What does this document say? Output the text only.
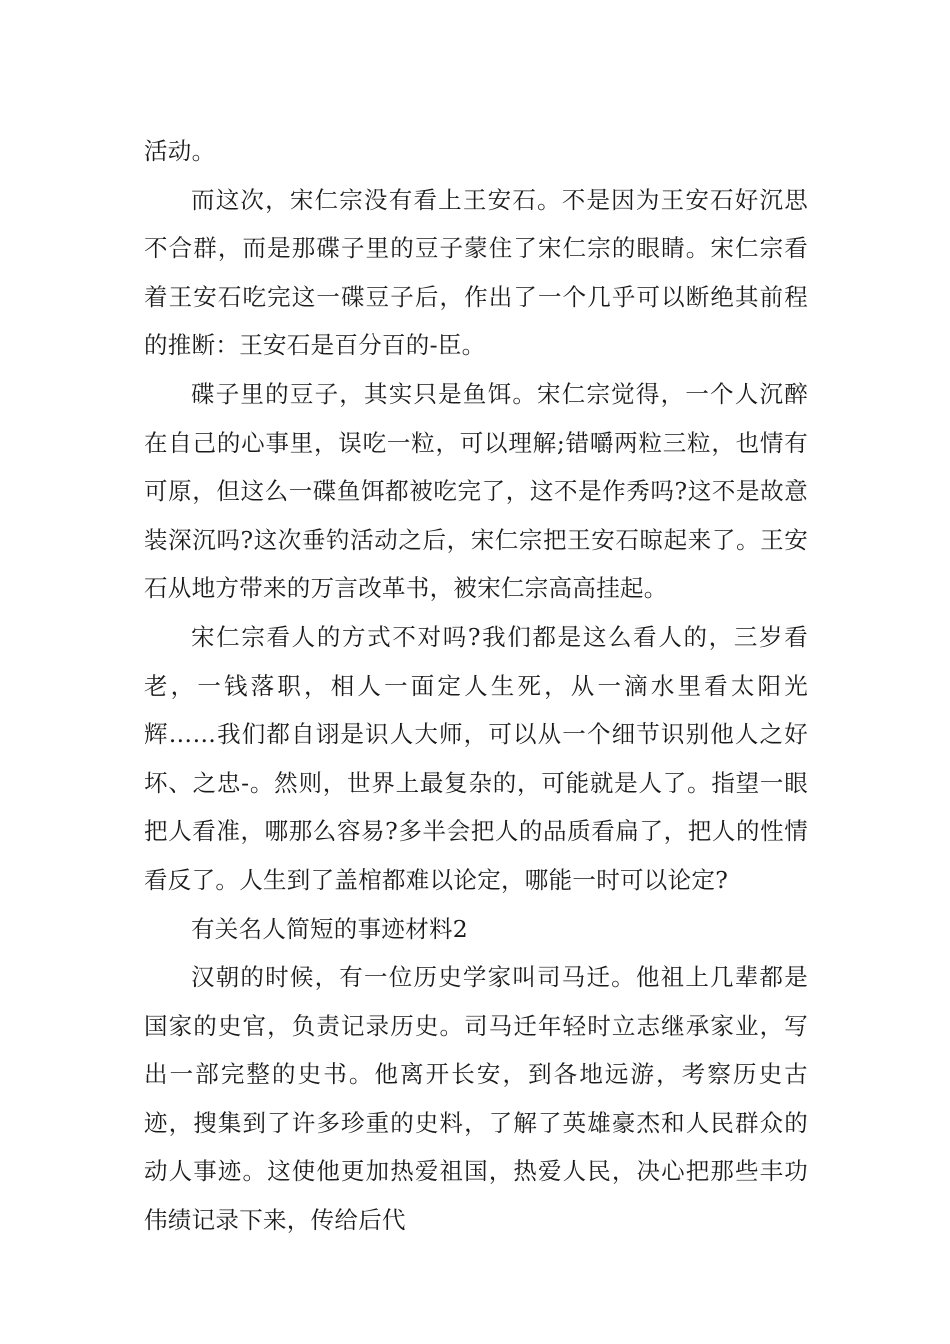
活动。

而这次，宋仁宗没有看上王安石。不是因为王安石好沉思不合群，而是那碟子里的豆子蒙住了宋仁宗的眼睛。宋仁宗看着王安石吃完这一碟豆子后，作出了一个几乎可以断绝其前程的推断：王安石是百分百的-臣。

碟子里的豆子，其实只是鱼饵。宋仁宗觉得，一个人沉醉在自己的心事里，误吃一粒，可以理解;错嚼两粒三粒，也情有可原，但这么一碟鱼饵都被吃完了，这不是作秀吗?这不是故意装深沉吗?这次垂钓活动之后，宋仁宗把王安石晾起来了。王安石从地方带来的万言改革书，被宋仁宗高高挂起。

宋仁宗看人的方式不对吗?我们都是这么看人的，三岁看老，一钱落职，相人一面定人生死，从一滴水里看太阳光辉……我们都自诩是识人大师，可以从一个细节识别他人之好坏、之忠-。然则，世界上最复杂的，可能就是人了。指望一眼把人看准，哪那么容易?多半会把人的品质看扁了，把人的性情看反了。人生到了盖棺都难以论定，哪能一时可以论定?

有关名人简短的事迹材料2

汉朝的时候，有一位历史学家叫司马迁。他祖上几辈都是国家的史官，负责记录历史。司马迁年轻时立志继承家业，写出一部完整的史书。他离开长安，到各地远游，考察历史古迹，搜集到了许多珍重的史料，了解了英雄豪杰和人民群众的动人事迹。这使他更加热爱祖国，热爱人民，决心把那些丰功伟绩记录下来，传给后代
